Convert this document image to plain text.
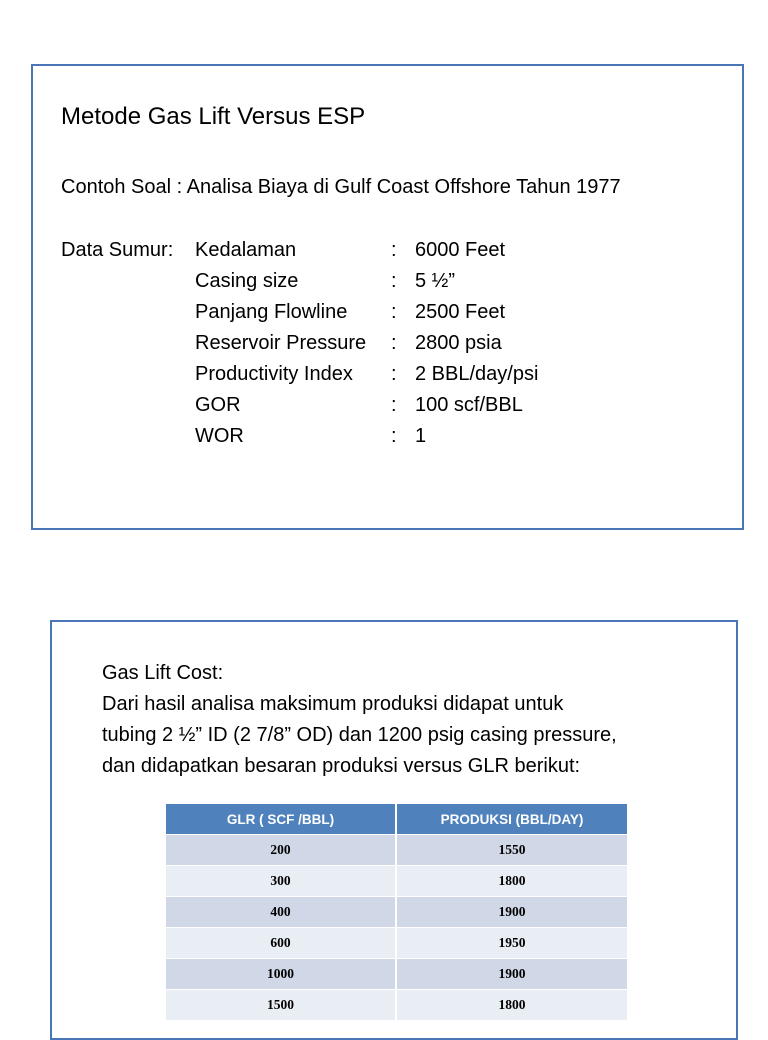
Metode Gas Lift Versus ESP
Contoh Soal : Analisa Biaya di Gulf Coast Offshore Tahun 1977
Data Sumur: Kedalaman	: 6000 Feet
Casing size	: 5 ½”
Panjang Flowline : 2500 Feet
Reservoir Pressure : 2800 psia
Productivity Index : 2 BBL/day/psi
GOR	: 100 scf/BBL
WOR	: 1
Gas Lift Cost:
Dari hasil analisa maksimum produksi didapat untuk
tubing 2 ½” ID (2 7/8” OD) dan 1200 psig casing pressure,
dan didapatkan besaran produksi versus GLR berikut:
GLR ( SCF /BBL)	PRODUKSI (BBL/DAY)
200	1550
300	1800
400	1900
600	1950
1000	1900
1500	1800
